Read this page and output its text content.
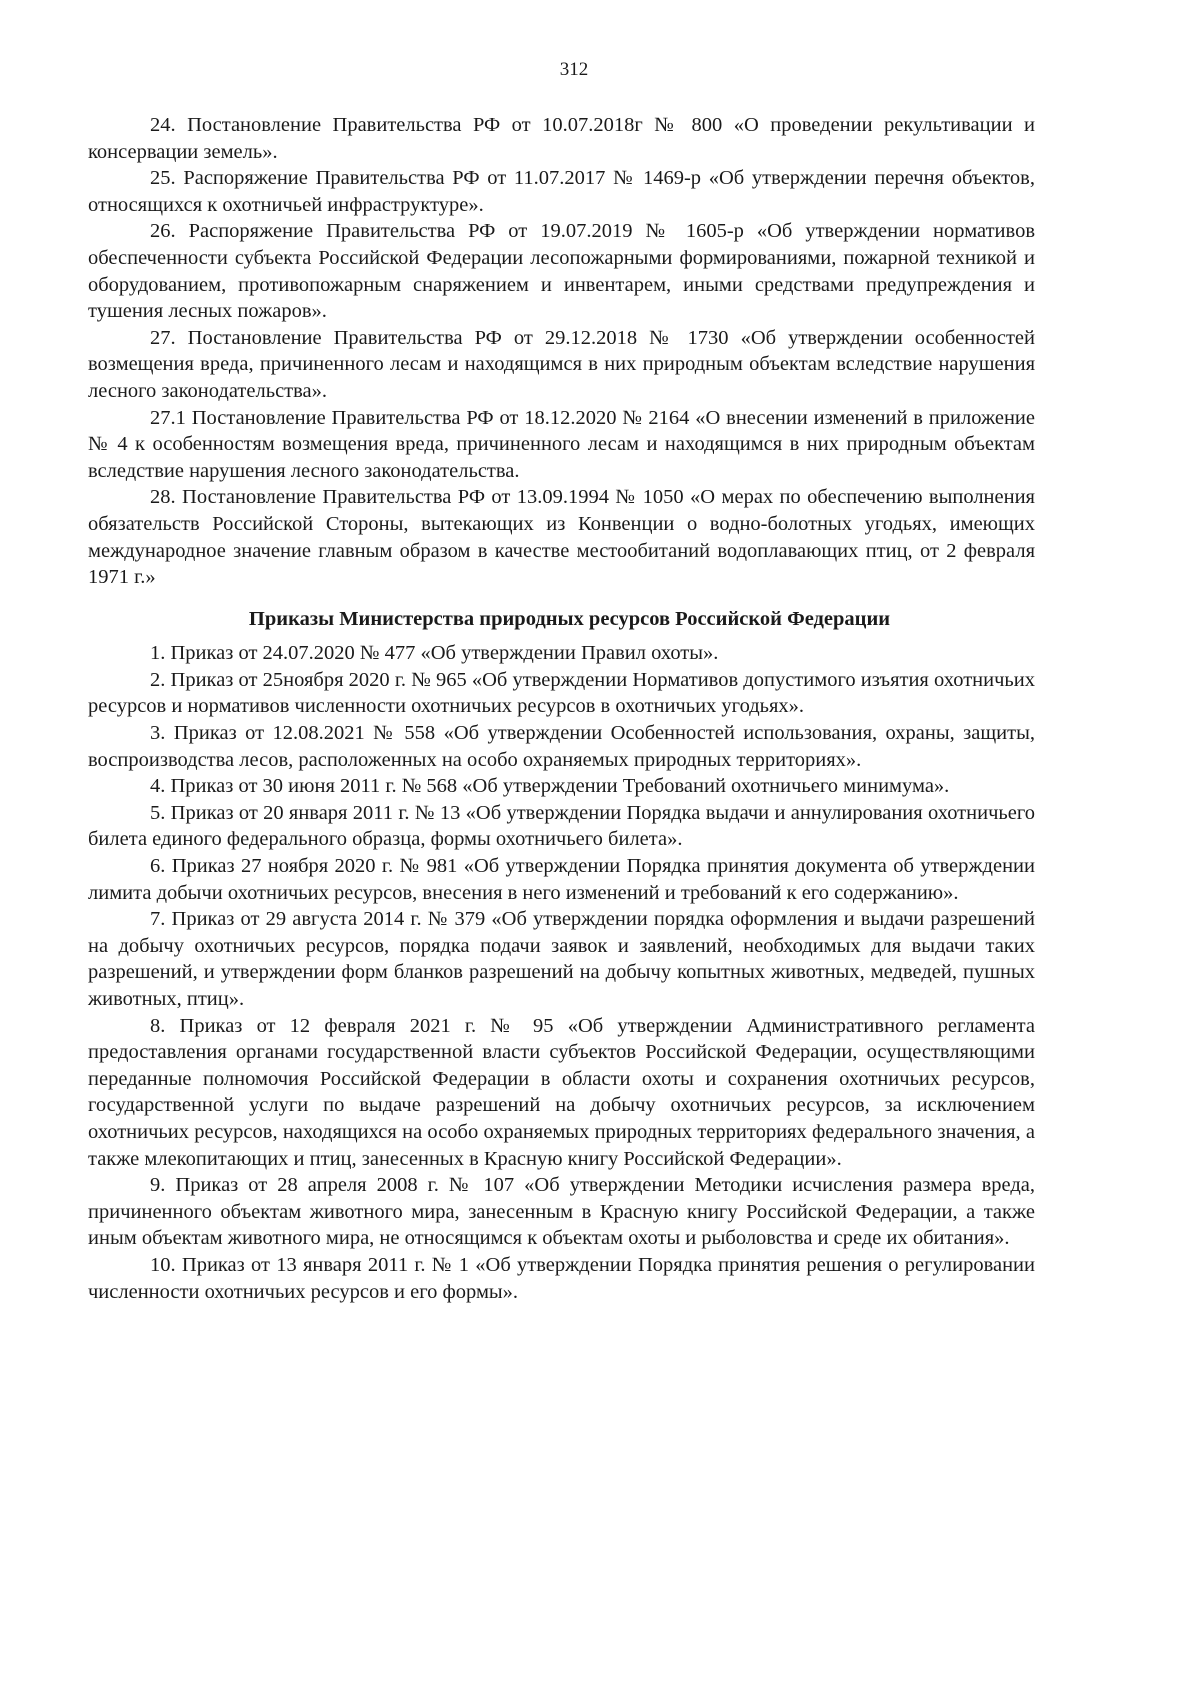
312

24. Постановление Правительства РФ от 10.07.2018г № 800 «О проведении рекультивации и консервации земель».

25. Распоряжение Правительства РФ от 11.07.2017 № 1469-р «Об утверждении перечня объектов, относящихся к охотничьей инфраструктуре».

26. Распоряжение Правительства РФ от 19.07.2019 № 1605-р «Об утверждении нормативов обеспеченности субъекта Российской Федерации лесопожарными формированиями, пожарной техникой и оборудованием, противопожарным снаряжением и инвентарем, иными средствами предупреждения и тушения лесных пожаров».

27. Постановление Правительства РФ от 29.12.2018 № 1730 «Об утверждении особенностей возмещения вреда, причиненного лесам и находящимся в них природным объектам вследствие нарушения лесного законодательства».

27.1 Постановление Правительства РФ от 18.12.2020 № 2164 «О внесении изменений в приложение № 4 к особенностям возмещения вреда, причиненного лесам и находящимся в них природным объектам вследствие нарушения лесного законодательства.

28. Постановление Правительства РФ от 13.09.1994 № 1050 «О мерах по обеспечению выполнения обязательств Российской Стороны, вытекающих из Конвенции о водно-болотных угодьях, имеющих международное значение главным образом в качестве местообитаний водоплавающих птиц, от 2 февраля 1971 г.»

Приказы Министерства природных ресурсов Российской Федерации

1. Приказ от 24.07.2020 № 477 «Об утверждении Правил охоты».

2. Приказ от 25ноября 2020 г. № 965 «Об утверждении Нормативов допустимого изъятия охотничьих ресурсов и нормативов численности охотничьих ресурсов в охотничьих угодьях».

3. Приказ от 12.08.2021 № 558 «Об утверждении Особенностей использования, охраны, защиты, воспроизводства лесов, расположенных на особо охраняемых природных территориях».

4. Приказ от 30 июня 2011 г. № 568 «Об утверждении Требований охотничьего минимума».

5. Приказ от 20 января 2011 г. № 13 «Об утверждении Порядка выдачи и аннулирования охотничьего билета единого федерального образца, формы охотничьего билета».

6. Приказ 27 ноября 2020 г. № 981 «Об утверждении Порядка принятия документа об утверждении лимита добычи охотничьих ресурсов, внесения в него изменений и требований к его содержанию».

7. Приказ от 29 августа 2014 г. № 379 «Об утверждении порядка оформления и выдачи разрешений на добычу охотничьих ресурсов, порядка подачи заявок и заявлений, необходимых для выдачи таких разрешений, и утверждении форм бланков разрешений на добычу копытных животных, медведей, пушных животных, птиц».

8. Приказ от 12 февраля 2021 г. № 95 «Об утверждении Административного регламента предоставления органами государственной власти субъектов Российской Федерации, осуществляющими переданные полномочия Российской Федерации в области охоты и сохранения охотничьих ресурсов, государственной услуги по выдаче разрешений на добычу охотничьих ресурсов, за исключением охотничьих ресурсов, находящихся на особо охраняемых природных территориях федерального значения, а также млекопитающих и птиц, занесенных в Красную книгу Российской Федерации».

9. Приказ от 28 апреля 2008 г. № 107 «Об утверждении Методики исчисления размера вреда, причиненного объектам животного мира, занесенным в Красную книгу Российской Федерации, а также иным объектам животного мира, не относящимся к объектам охоты и рыболовства и среде их обитания».

10. Приказ от 13 января 2011 г. № 1 «Об утверждении Порядка принятия решения о регулировании численности охотничьих ресурсов и его формы».
